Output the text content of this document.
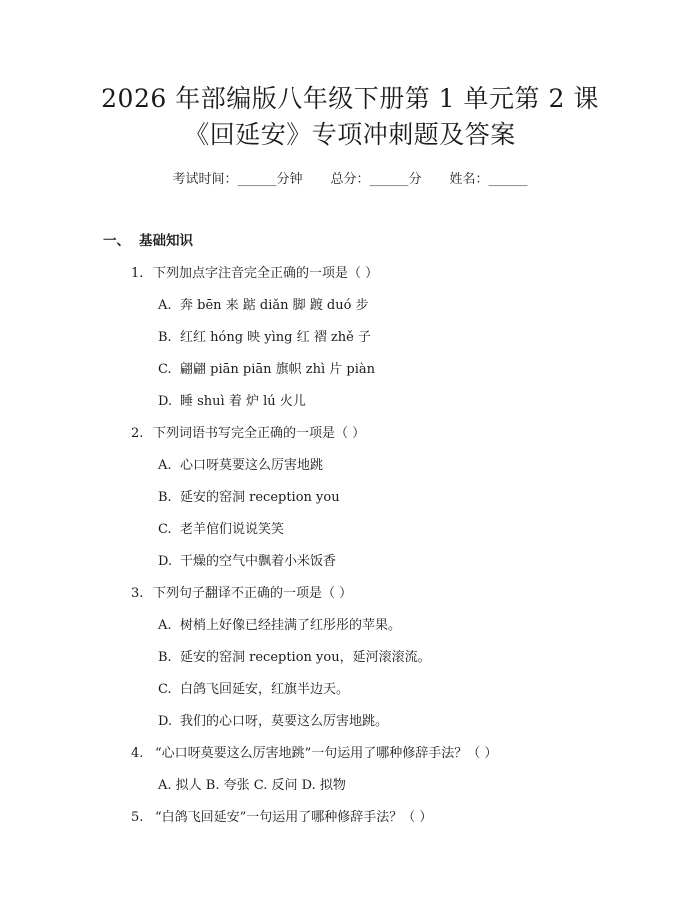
2026 年部编版八年级下册第 1 单元第 2 课
《回延安》专项冲刺题及答案
考试时间：______分钟 总分：______分 姓名：______
一、 基础知识
1. 下列加点字注音完全正确的一项是（ ）
A. 奔 bēn 来 踮 diǎn 脚 踱 duó 步
B. 红红 hóng 映 yìng 红 褶 zhě 子
C. 翩翩 piān piān 旗帜 zhì 片 piàn
D. 睡 shuì 着 炉 lú 火儿
2. 下列词语书写完全正确的一项是（ ）
A. 心口呀莫要这么厉害地跳
B. 延安的窑洞 reception you
C. 老羊倌们说说笑笑
D. 干燥的空气中飘着小米饭香
3. 下列句子翻译不正确的一项是（ ）
A. 树梢上好像已经挂满了红彤彤的苹果。
B. 延安的窑洞 reception you，延河滚滚流。
C. 白鸽飞回延安，红旗半边天。
D. 我们的心口呀，莫要这么厉害地跳。
4. “心口呀莫要这么厉害地跳”一句运用了哪种修辞手法？（ ）
A. 拟人 B. 夸张 C. 反问 D. 拟物
5. “白鸽飞回延安”一句运用了哪种修辞手法？（ ）
